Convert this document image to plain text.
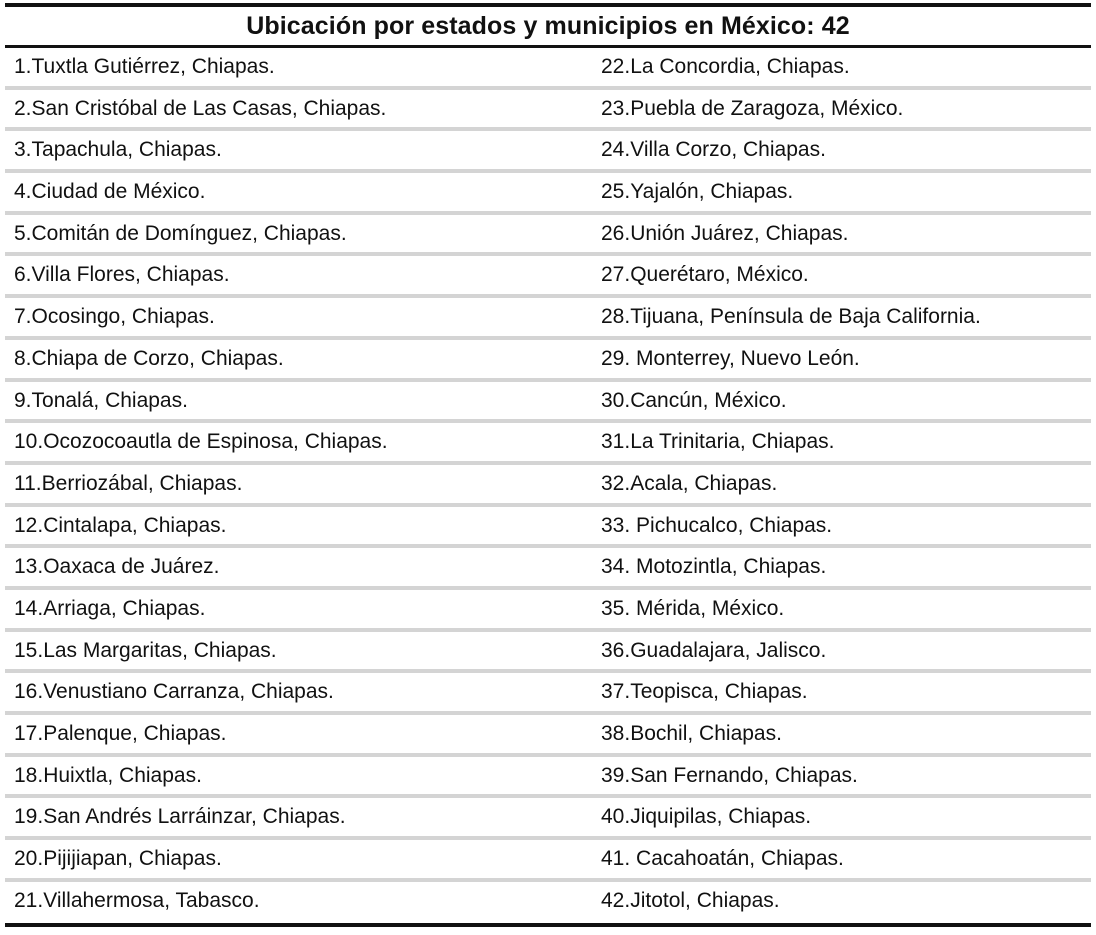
Ubicación por estados y municipios en México: 42
1.Tuxtla Gutiérrez, Chiapas.	22.La Concordia, Chiapas.
2.San Cristóbal de Las Casas, Chiapas.	23.Puebla de Zaragoza, México.
3.Tapachula, Chiapas.	24.Villa Corzo, Chiapas.
4.Ciudad de México.	25.Yajalón, Chiapas.
5.Comitán de Domínguez, Chiapas.	26.Unión Juárez, Chiapas.
6.Villa Flores, Chiapas.	27.Querétaro, México.
7.Ocosingo, Chiapas.	28.Tijuana, Península de Baja California.
8.Chiapa de Corzo, Chiapas.	29. Monterrey, Nuevo León.
9.Tonalá, Chiapas.	30.Cancún, México.
10.Ocozocoautla de Espinosa, Chiapas.	31.La Trinitaria, Chiapas.
11.Berriozábal, Chiapas.	32.Acala, Chiapas.
12.Cintalapa, Chiapas.	33. Pichucalco, Chiapas.
13.Oaxaca de Juárez.	34. Motozintla, Chiapas.
14.Arriaga, Chiapas.	35. Mérida, México.
15.Las Margaritas, Chiapas.	36.Guadalajara, Jalisco.
16.Venustiano Carranza, Chiapas.	37.Teopisca, Chiapas.
17.Palenque, Chiapas.	38.Bochil, Chiapas.
18.Huixtla, Chiapas.	39.San Fernando, Chiapas.
19.San Andrés Larráinzar, Chiapas.	40.Jiquipilas, Chiapas.
20.Pijijiapan, Chiapas.	41. Cacahoatán, Chiapas.
21.Villahermosa, Tabasco.	42.Jitotol, Chiapas.
